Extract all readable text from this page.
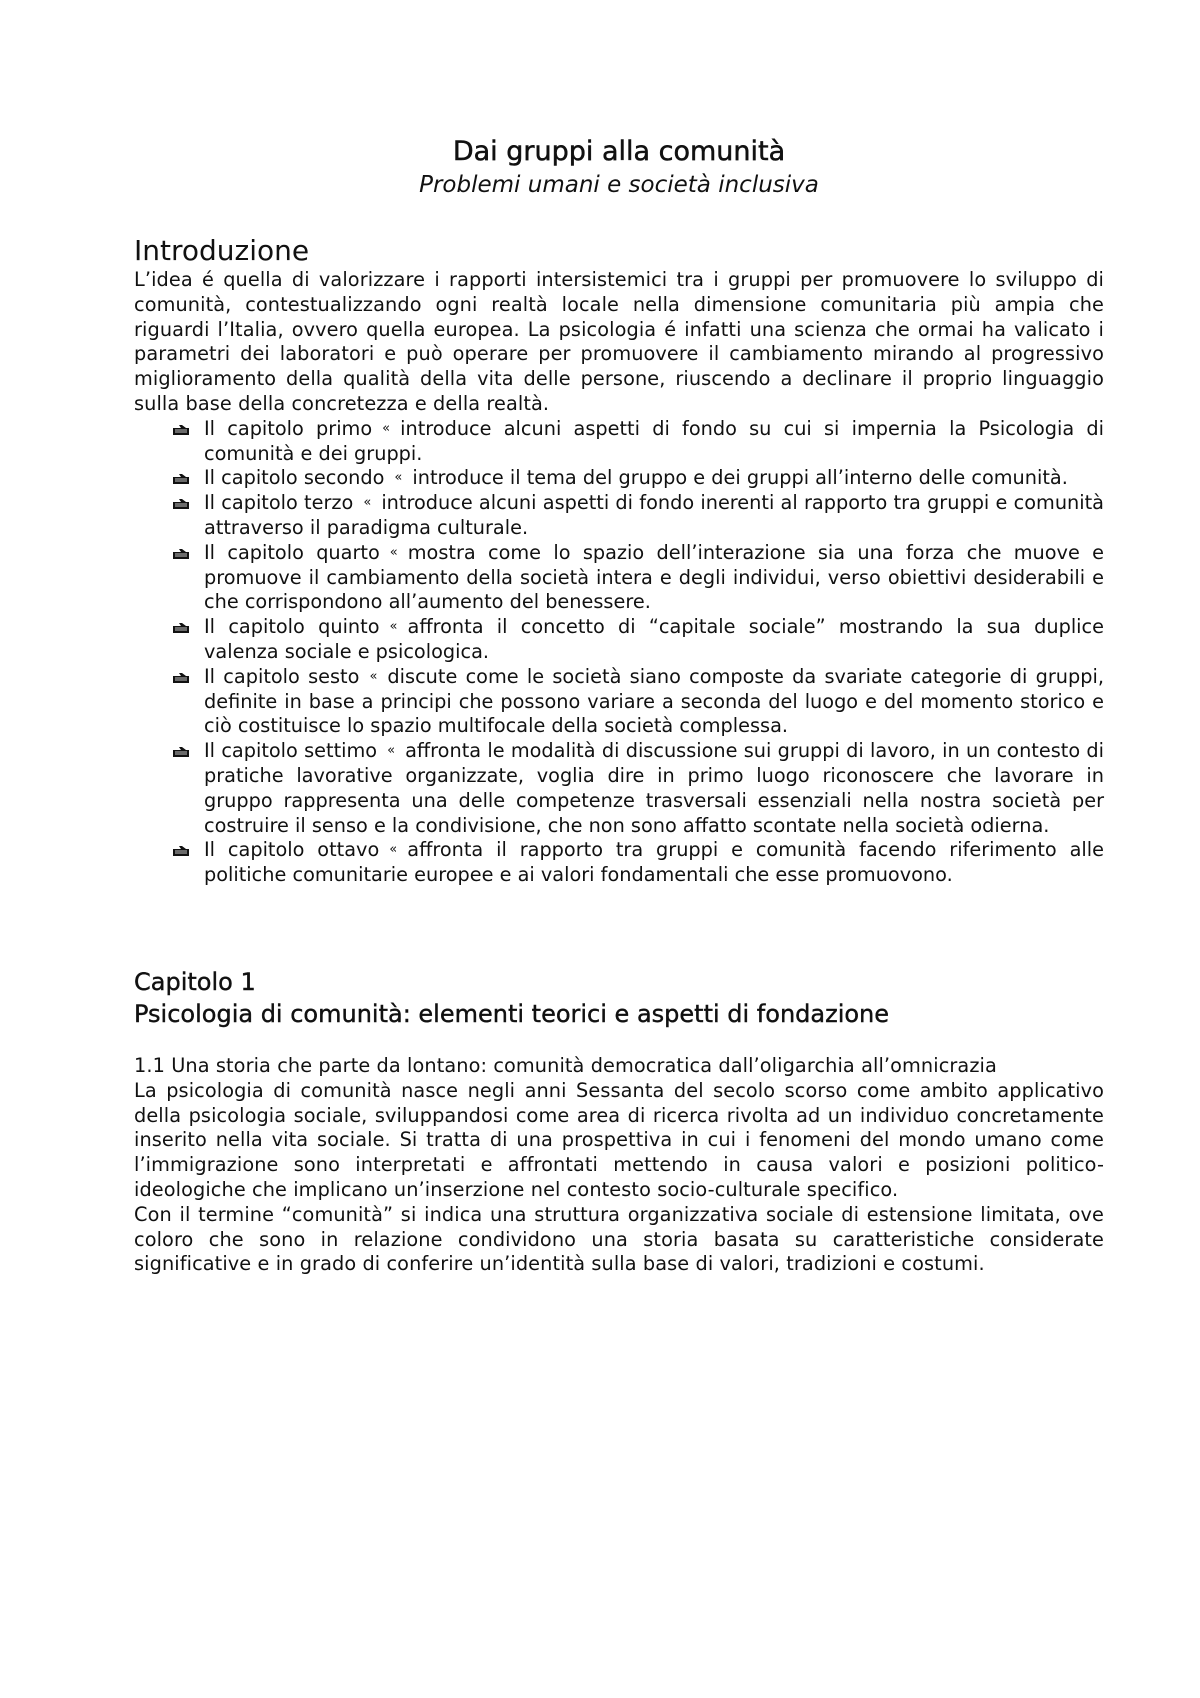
Dai gruppi alla comunità
Problemi umani e società inclusiva
Introduzione

L’idea é quella di valorizzare i rapporti intersistemici tra i gruppi per promuovere lo sviluppo di comunità, contestualizzando ogni realtà locale nella dimensione comunitaria più ampia che riguardi l’Italia, ovvero quella europea. La psicologia é infatti una scienza che ormai ha valicato i parametri dei laboratori e può operare per promuovere il cambiamento mirando al progressivo miglioramento della qualità della vita delle persone, riuscendo a declinare il proprio linguaggio sulla base della concretezza e della realtà.

Il capitolo primo « introduce alcuni aspetti di fondo su cui si impernia la Psicologia di comunità e dei gruppi.
Il capitolo secondo « introduce il tema del gruppo e dei gruppi all’interno delle comunità.
Il capitolo terzo « introduce alcuni aspetti di fondo inerenti al rapporto tra gruppi e comunità attraverso il paradigma culturale.
Il capitolo quarto « mostra come lo spazio dell’interazione sia una forza che muove e promuove il cambiamento della società intera e degli individui, verso obiettivi desiderabili e che corrispondono all’aumento del benessere.
Il capitolo quinto « affronta il concetto di “capitale sociale” mostrando la sua duplice valenza sociale e psicologica.
Il capitolo sesto « discute come le società siano composte da svariate categorie di gruppi, definite in base a principi che possono variare a seconda del luogo e del momento storico e ciò costituisce lo spazio multifocale della società complessa.
Il capitolo settimo « affronta le modalità di discussione sui gruppi di lavoro, in un contesto di pratiche lavorative organizzate, voglia dire in primo luogo riconoscere che lavorare in gruppo rappresenta una delle competenze trasversali essenziali nella nostra società per costruire il senso e la condivisione, che non sono affatto scontate nella società odierna.
Il capitolo ottavo « affronta il rapporto tra gruppi e comunità facendo riferimento alle politiche comunitarie europee e ai valori fondamentali che esse promuovono.
Capitolo 1
Psicologia di comunità: elementi teorici e aspetti di fondazione

1.1 Una storia che parte da lontano: comunità democratica dall’oligarchia all’omnicrazia

La psicologia di comunità nasce negli anni Sessanta del secolo scorso come ambito applicativo della psicologia sociale, sviluppandosi come area di ricerca rivolta ad un individuo concretamente inserito nella vita sociale. Si tratta di una prospettiva in cui i fenomeni del mondo umano come l’immigrazione sono interpretati e affrontati mettendo in causa valori e posizioni politico-ideologiche che implicano un’inserzione nel contesto socio-culturale specifico.

Con il termine “comunità” si indica una struttura organizzativa sociale di estensione limitata, ove coloro che sono in relazione condividono una storia basata su caratteristiche considerate significative e in grado di conferire un’identità sulla base di valori, tradizioni e costumi.
